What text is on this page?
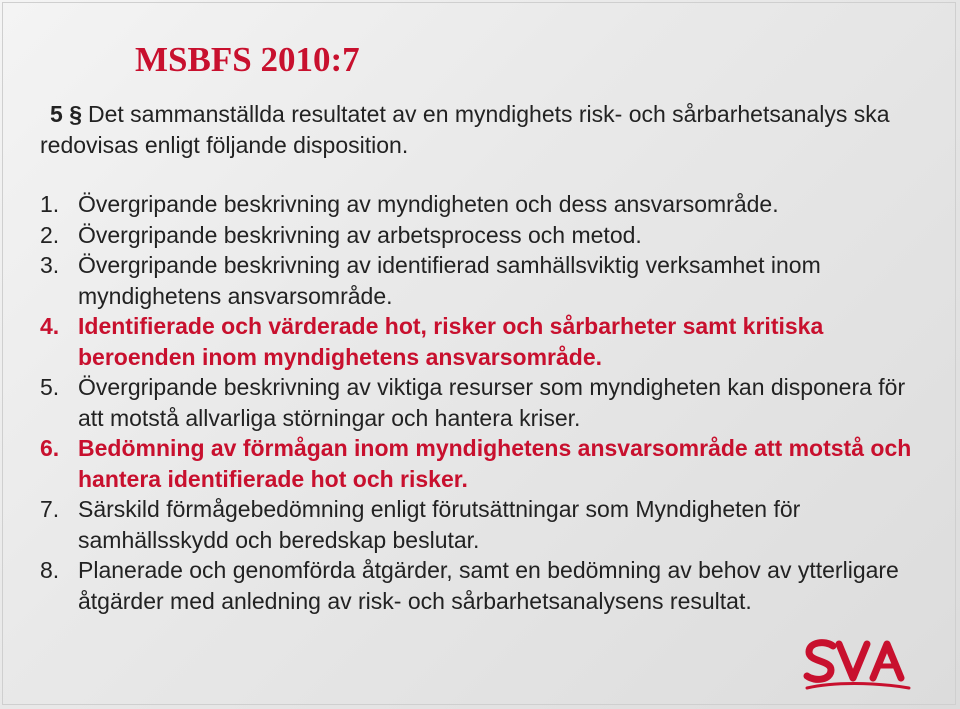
MSBFS 2010:7

5 § Det sammanställda resultatet av en myndighets risk- och sårbarhetsanalys ska redovisas enligt följande disposition.

1. Övergripande beskrivning av myndigheten och dess ansvarsområde.
2. Övergripande beskrivning av arbetsprocess och metod.
3. Övergripande beskrivning av identifierad samhällsviktig verksamhet inom myndighetens ansvarsområde.
4. Identifierade och värderade hot, risker och sårbarheter samt kritiska beroenden inom myndighetens ansvarsområde.
5. Övergripande beskrivning av viktiga resurser som myndigheten kan disponera för att motstå allvarliga störningar och hantera kriser.
6. Bedömning av förmågan inom myndighetens ansvarsområde att motstå och hantera identifierade hot och risker.
7. Särskild förmågebedömning enligt förutsättningar som Myndigheten för samhällsskydd och beredskap beslutar.
8. Planerade och genomförda åtgärder, samt en bedömning av behov av ytterligare åtgärder med anledning av risk- och sårbarhetsanalysens resultat.
